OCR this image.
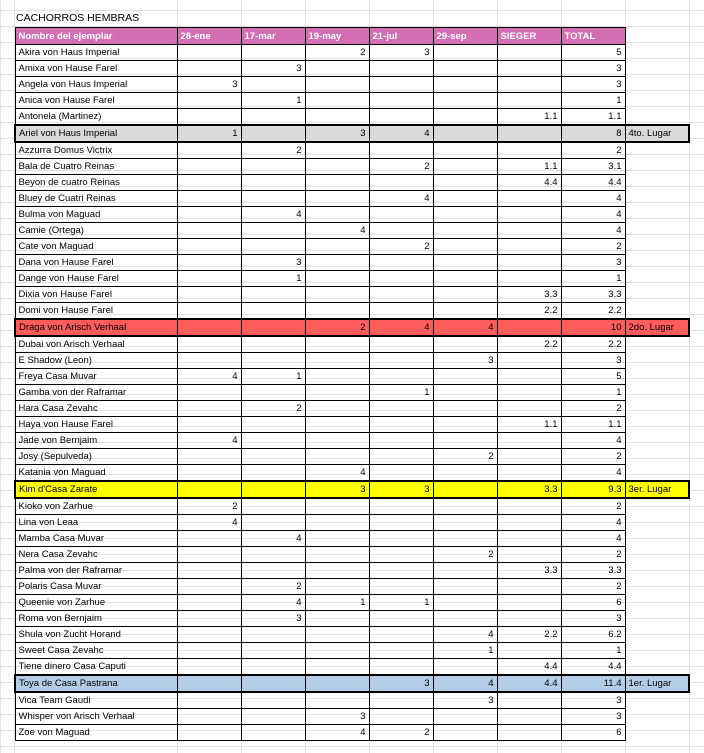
CACHORROS HEMBRAS
Nombre del ejemplar	28-ene	17-mar	19-may	21-jul	29-sep	SIEGER	TOTAL	
Akira von Haus Imperial			2	3			5	
Amixa von Hause Farel		3					3	
Angela von Haus Imperial	3						3	
Anica von Hause Farel		1					1	
Antonela (Martinez)						1.1	1.1	
Ariel von Haus Imperial	1		3	4			8	4to. Lugar
Azzurra Domus Victrix		2					2	
Bala de Cuatro Reinas				2		1.1	3.1	
Beyon de cuatro Reinas						4.4	4.4	
Bluey de Cuatri Reinas				4			4	
Bulma von Maguad		4					4	
Camie (Ortega)			4				4	
Cate von Maguad				2			2	
Dana von Hause Farel		3					3	
Dange von Hause Farel		1					1	
Dixia von Hause Farel						3.3	3.3	
Domi von Hause Farel						2.2	2.2	
Draga von Arisch Verhaal			2	4	4		10	2do. Lugar
Dubai von Arisch Verhaal						2.2	2.2	
E Shadow (Leon)					3		3	
Freya Casa Muvar	4	1					5	
Gamba von der Raframar				1			1	
Hara Casa Zevahc		2					2	
Haya von Hause Farel						1.1	1.1	
Jade von Bernjaim	4						4	
Josy (Sepulveda)					2		2	
Katania von Maguad			4				4	
Kim d'Casa Zarate			3	3		3.3	9.3	3er. Lugar
Kioko von Zarhue	2						2	
Lina von Leaa	4						4	
Mamba Casa Muvar		4					4	
Nera Casa Zevahc					2		2	
Palma von der Raframar						3.3	3.3	
Polaris Casa Muvar		2					2	
Queenie von Zarhue		4	1	1			6	
Roma von Bernjaim		3					3	
Shula von Zucht Horand					4	2.2	6.2	
Sweet Casa Zevahc					1		1	
Tiene dinero Casa Caputi						4.4	4.4	
Toya de Casa Pastrana				3	4	4.4	11.4	1er. Lugar
Vica Team Gaudi					3		3	
Whisper von Arisch Verhaal			3				3	
Zoe von Maguad			4	2			6	
